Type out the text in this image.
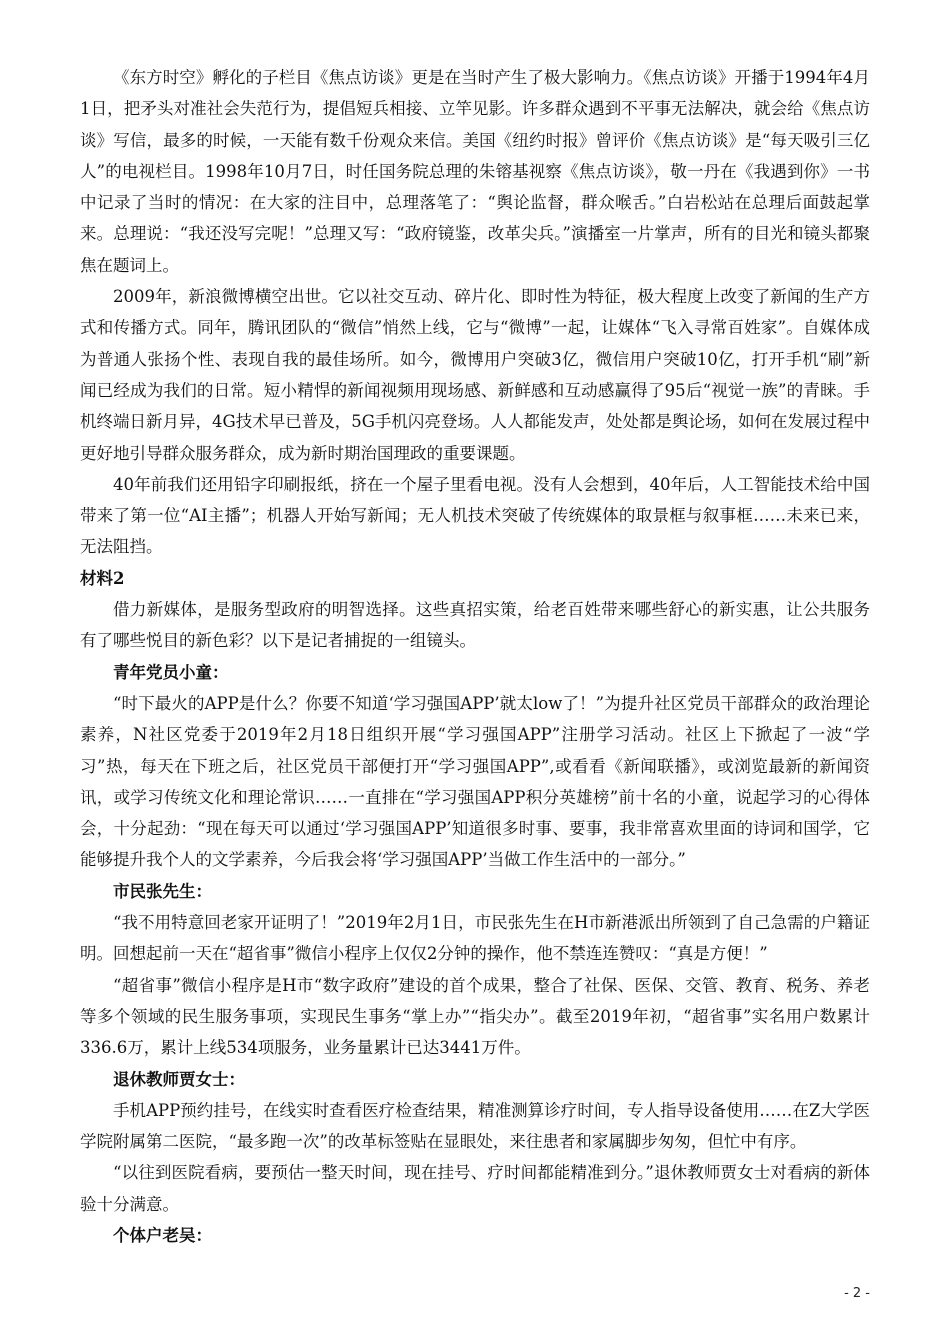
《东方时空》孵化的子栏目《焦点访谈》更是在当时产生了极大影响力。《焦点访谈》开播于1994年4月1日，把矛头对准社会失范行为，提倡短兵相接、立竿见影。许多群众遇到不平事无法解决，就会给《焦点访谈》写信，最多的时候，一天能有数千份观众来信。美国《纽约时报》曾评价《焦点访谈》是“每天吸引三亿人”的电视栏目。1998年10月7日，时任国务院总理的朱镕基视察《焦点访谈》，敬一丹在《我遇到你》一书中记录了当时的情况：在大家的注目中，总理落笔了：“舆论监督，群众喉舌。”白岩松站在总理后面鼓起掌来。总理说：“我还没写完呢！”总理又写：“政府镜鉴，改革尖兵。”演播室一片掌声，所有的目光和镜头都聚焦在题词上。

2009年，新浪微博横空出世。它以社交互动、碎片化、即时性为特征，极大程度上改变了新闻的生产方式和传播方式。同年，腾讯团队的“微信”悄然上线，它与“微博”一起，让媒体“飞入寻常百姓家”。自媒体成为普通人张扬个性、表现自我的最佳场所。如今，微博用户突破3亿，微信用户突破10亿，打开手机“刷”新闻已经成为我们的日常。短小精悍的新闻视频用现场感、新鲜感和互动感赢得了95后“视觉一族”的青睐。手机终端日新月异，4G技术早已普及，5G手机闪亮登场。人人都能发声，处处都是舆论场，如何在发展过程中更好地引导群众服务群众，成为新时期治国理政的重要课题。

40年前我们还用铅字印刷报纸，挤在一个屋子里看电视。没有人会想到，40年后，人工智能技术给中国带来了第一位“AI主播”；机器人开始写新闻；无人机技术突破了传统媒体的取景框与叙事框……未来已来，无法阻挡。

材料2

借力新媒体，是服务型政府的明智选择。这些真招实策，给老百姓带来哪些舒心的新实惠，让公共服务有了哪些悦目的新色彩？以下是记者捕捉的一组镜头。

青年党员小童：

“时下最火的APP是什么？你要不知道‘学习强国APP’就太low了！”为提升社区党员干部群众的政治理论素养，N社区党委于2019年2月18日组织开展“学习强国APP”注册学习活动。社区上下掀起了一波“学习”热，每天在下班之后，社区党员干部便打开“学习强国APP”,或看看《新闻联播》，或浏览最新的新闻资讯，或学习传统文化和理论常识……一直排在“学习强国APP积分英雄榜”前十名的小童，说起学习的心得体会，十分起劲：“现在每天可以通过‘学习强国APP’知道很多时事、要事，我非常喜欢里面的诗词和国学，它能够提升我个人的文学素养，今后我会将‘学习强国APP’当做工作生活中的一部分。”

市民张先生：

“我不用特意回老家开证明了！”2019年2月1日，市民张先生在H市新港派出所领到了自己急需的户籍证明。回想起前一天在“超省事”微信小程序上仅仅2分钟的操作，他不禁连连赞叹：“真是方便！”

“超省事”微信小程序是H市“数字政府”建设的首个成果，整合了社保、医保、交管、教育、税务、养老等多个领域的民生服务事项，实现民生事务“掌上办”“指尖办”。截至2019年初，“超省事”实名用户数累计336.6万，累计上线534项服务，业务量累计已达3441万件。

退休教师贾女士：

手机APP预约挂号，在线实时查看医疗检查结果，精准测算诊疗时间，专人指导设备使用……在Z大学医学院附属第二医院，“最多跑一次”的改革标签贴在显眼处，来往患者和家属脚步匆匆，但忙中有序。

“以往到医院看病，要预估一整天时间，现在挂号、疗时间都能精准到分。”退休教师贾女士对看病的新体验十分满意。

个体户老吴：

- 2 -
